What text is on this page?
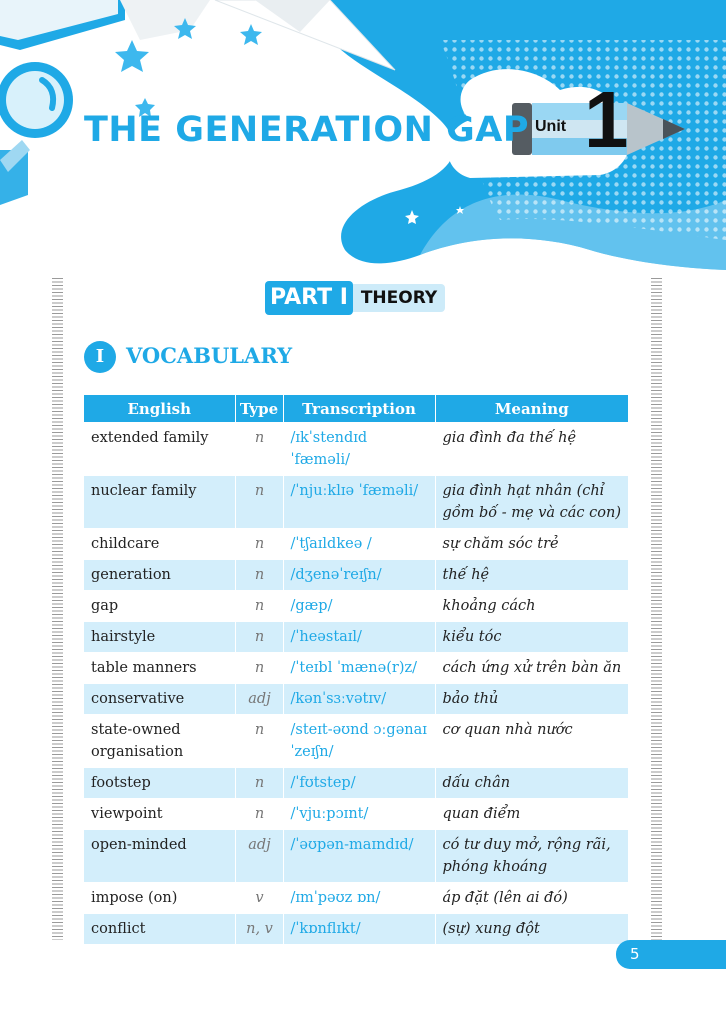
THE GENERATION GAP Unit 1
PART I THEORY
I	VOCABULARY
English	Type	Transcription	Meaning
extended family	n	/ɪkˈstendɪd ˈfæməli/	gia đình đa thế hệ
nuclear family	n	/ˈnjuːklɪə ˈfæməli/	gia đình hạt nhân (chỉ gồm bố - mẹ và các con)
childcare	n	/ˈtʃaɪldkeə /	sự chăm sóc trẻ
generation	n	/dʒenəˈreɪʃn/	thế hệ
gap	n	/gæp/	khoảng cách
hairstyle	n	/ˈheəstaɪl/	kiểu tóc
table manners	n	/ˈteɪbl ˈmænə(r)z/	cách ứng xử trên bàn ăn
conservative	adj	/kənˈsɜːvətɪv/	bảo thủ
state-owned organisation	n	/steɪt-əʊnd ɔːgənaɪˈzeɪʃn/	cơ quan nhà nước
footstep	n	/ˈfʊtstep/	dấu chân
viewpoint	n	/ˈvjuːpɔɪnt/	quan điểm
open-minded	adj	/ˈəʊpən-maɪndɪd/	có tư duy mở, rộng rãi, phóng khoáng
impose (on)	v	/ɪmˈpəʊz ɒn/	áp đặt (lên ai đó)
conflict	n, v	/ˈkɒnflɪkt/	(sự) xung đột
5
